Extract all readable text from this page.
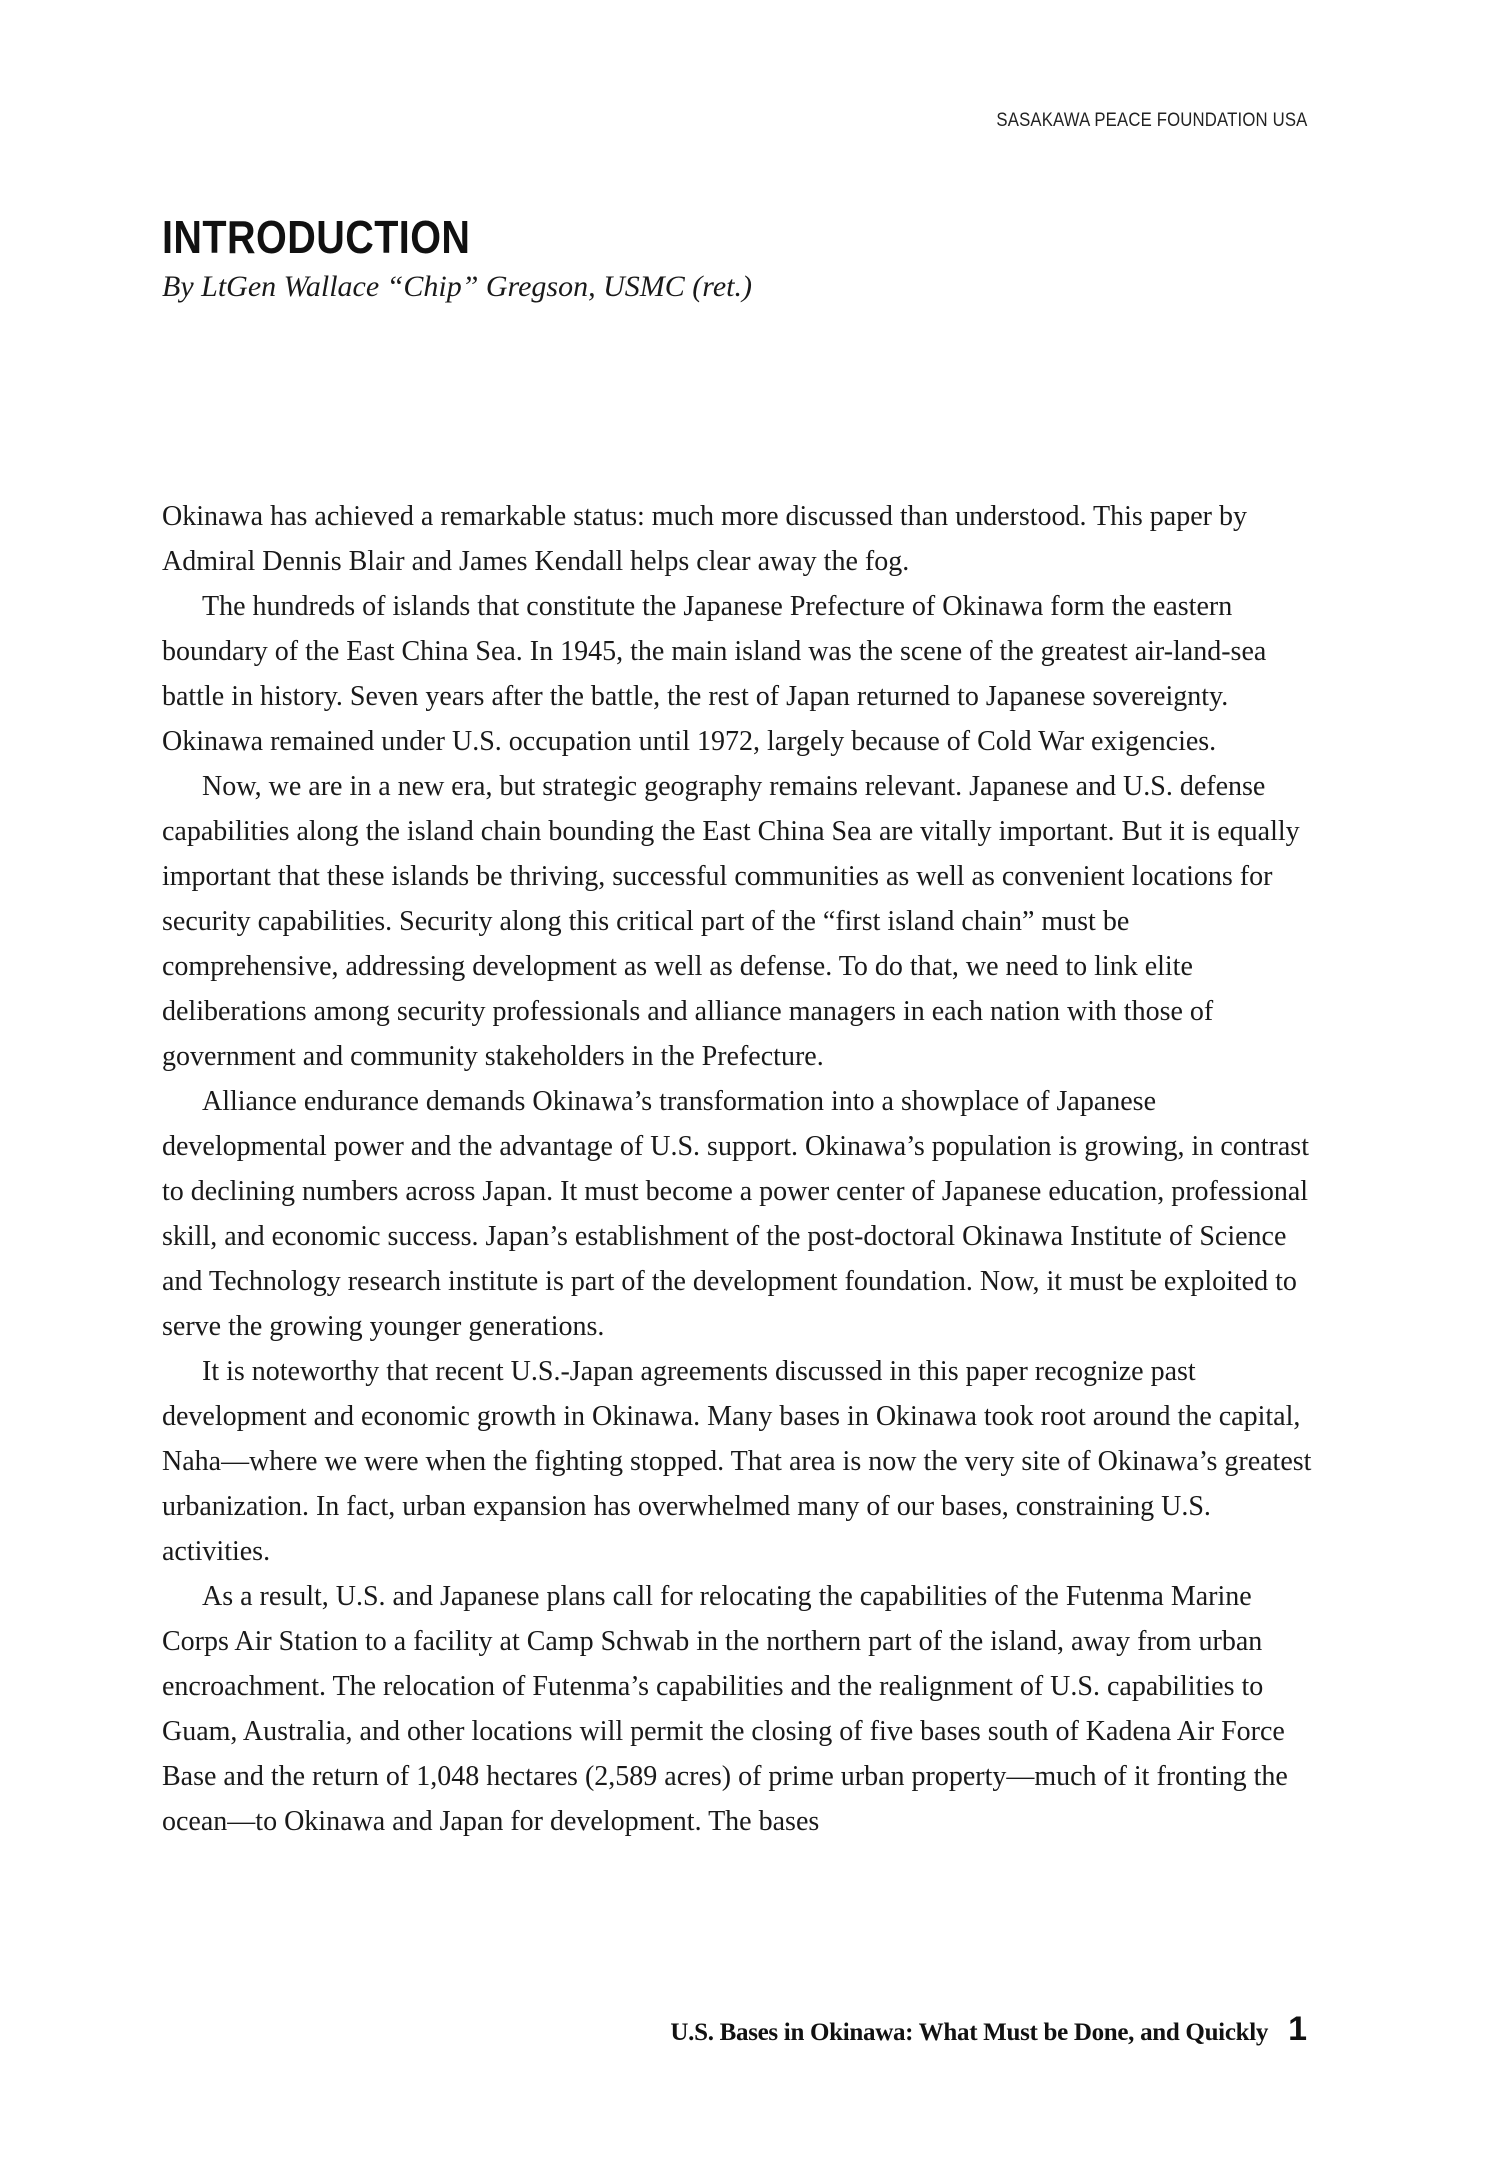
SASAKAWA PEACE FOUNDATION USA
INTRODUCTION

By LtGen Wallace “Chip” Gregson, USMC (ret.)

Okinawa has achieved a remarkable status: much more discussed than understood. This paper by Admiral Dennis Blair and James Kendall helps clear away the fog.

The hundreds of islands that constitute the Japanese Prefecture of Okinawa form the eastern boundary of the East China Sea. In 1945, the main island was the scene of the greatest air-land-sea battle in history. Seven years after the battle, the rest of Japan returned to Japanese sovereignty. Okinawa remained under U.S. occupation until 1972, largely because of Cold War exigencies.

Now, we are in a new era, but strategic geography remains relevant. Japanese and U.S. defense capabilities along the island chain bounding the East China Sea are vitally important. But it is equally important that these islands be thriving, successful communities as well as convenient locations for security capabilities. Security along this critical part of the “first island chain” must be comprehensive, addressing development as well as defense. To do that, we need to link elite deliberations among security professionals and alliance managers in each nation with those of government and community stakeholders in the Prefecture.

Alliance endurance demands Okinawa’s transformation into a showplace of Japanese developmental power and the advantage of U.S. support. Okinawa’s population is growing, in contrast to declining numbers across Japan. It must become a power center of Japanese education, professional skill, and economic success. Japan’s establishment of the post-doctoral Okinawa Institute of Science and Technology research institute is part of the development foundation. Now, it must be exploited to serve the growing younger generations.

It is noteworthy that recent U.S.-Japan agreements discussed in this paper recognize past development and economic growth in Okinawa. Many bases in Okinawa took root around the capital, Naha—where we were when the fighting stopped. That area is now the very site of Okinawa’s greatest urbanization. In fact, urban expansion has overwhelmed many of our bases, constraining U.S. activities.

As a result, U.S. and Japanese plans call for relocating the capabilities of the Futenma Marine Corps Air Station to a facility at Camp Schwab in the northern part of the island, away from urban encroachment. The relocation of Futenma’s capabilities and the realignment of U.S. capabilities to Guam, Australia, and other locations will permit the closing of five bases south of Kadena Air Force Base and the return of 1,048 hectares (2,589 acres) of prime urban property—much of it fronting the ocean—to Okinawa and Japan for development. The bases

U.S. Bases in Okinawa: What Must be Done, and Quickly 1
